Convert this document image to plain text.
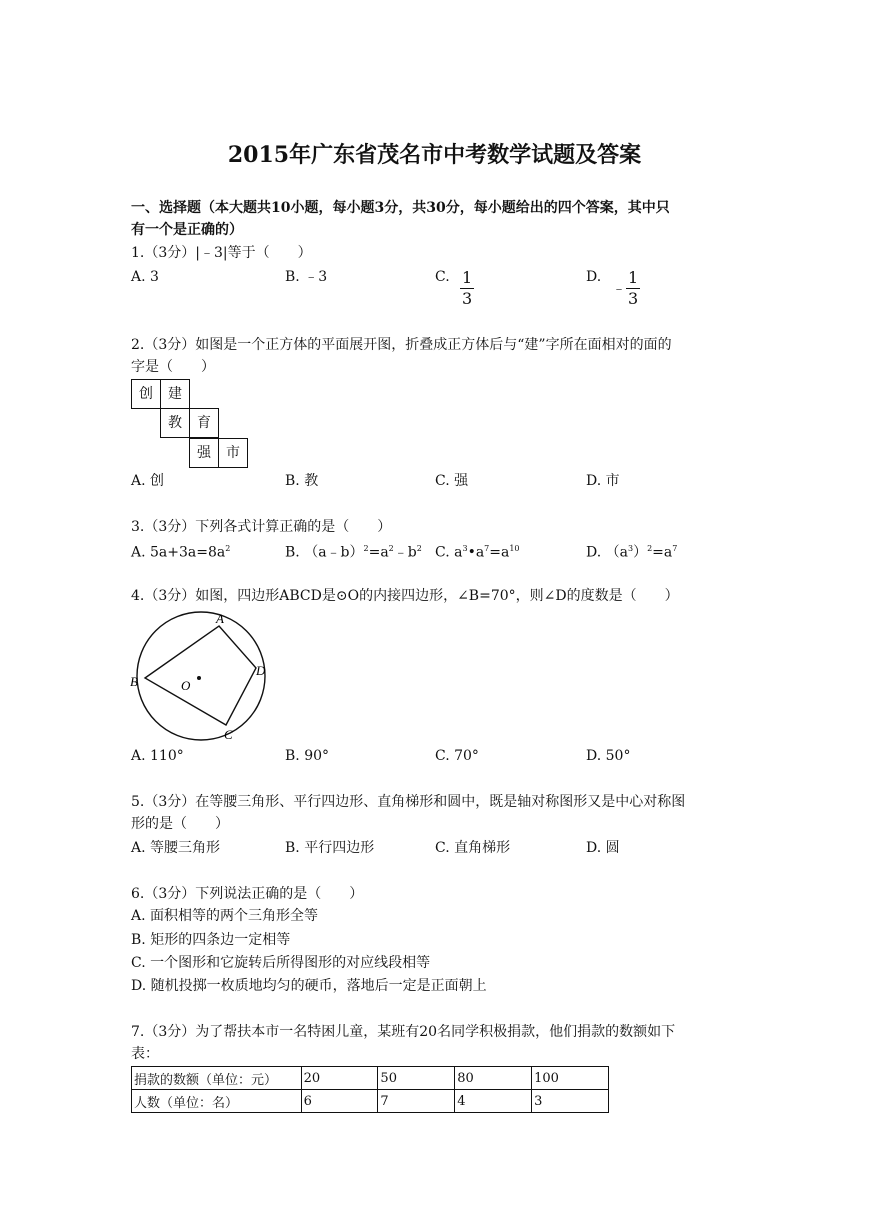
2015年广东省茂名市中考数学试题及答案
一、选择题（本大题共10小题，每小题3分，共30分，每小题给出的四个答案，其中只
有一个是正确的）
1.（3分）|﹣3|等于（　　）
A. 3	B. ﹣3	C. $\frac{1}{3}$	D.
﹣ $\frac{1}{3}$
2.（3分）如图是一个正方体的平面展开图，折叠成正方体后与“建”字所在面相对的面的
字是（　　）
创	建
教	育
强	市
A. 创	B. 教	C. 强	D. 市
3.（3分）下列各式计算正确的是（　　）
A. $5a+3a=8a^2$	B. $(a﹣b)^2=a^2﹣b^2$ C. $a^3•a^7=a^{10}$	D. $(a^3)^2=a^7$
4.（3分）如图，四边形ABCD是⊙O的内接四边形，∠B=70°，则∠D的度数是（　　）
A
B
C
D
O
A. 110°	B. 90°	C. 70°	D. 50°
5.（3分）在等腰三角形、平行四边形、直角梯形和圆中，既是轴对称图形又是中心对称图
形的是（　　）
A. 等腰三角形	B. 平行四边形	C. 直角梯形	D. 圆
6.（3分）下列说法正确的是（　　）
A. 面积相等的两个三角形全等
B. 矩形的四条边一定相等
C. 一个图形和它旋转后所得图形的对应线段相等
D. 随机投掷一枚质地均匀的硬币，落地后一定是正面朝上
7.（3分）为了帮扶本市一名特困儿童，某班有20名同学积极捐款，他们捐款的数额如下
表：
捐款的数额（单位：元）	20	50	80	100
人数（单位：名）	6	7	4	3
